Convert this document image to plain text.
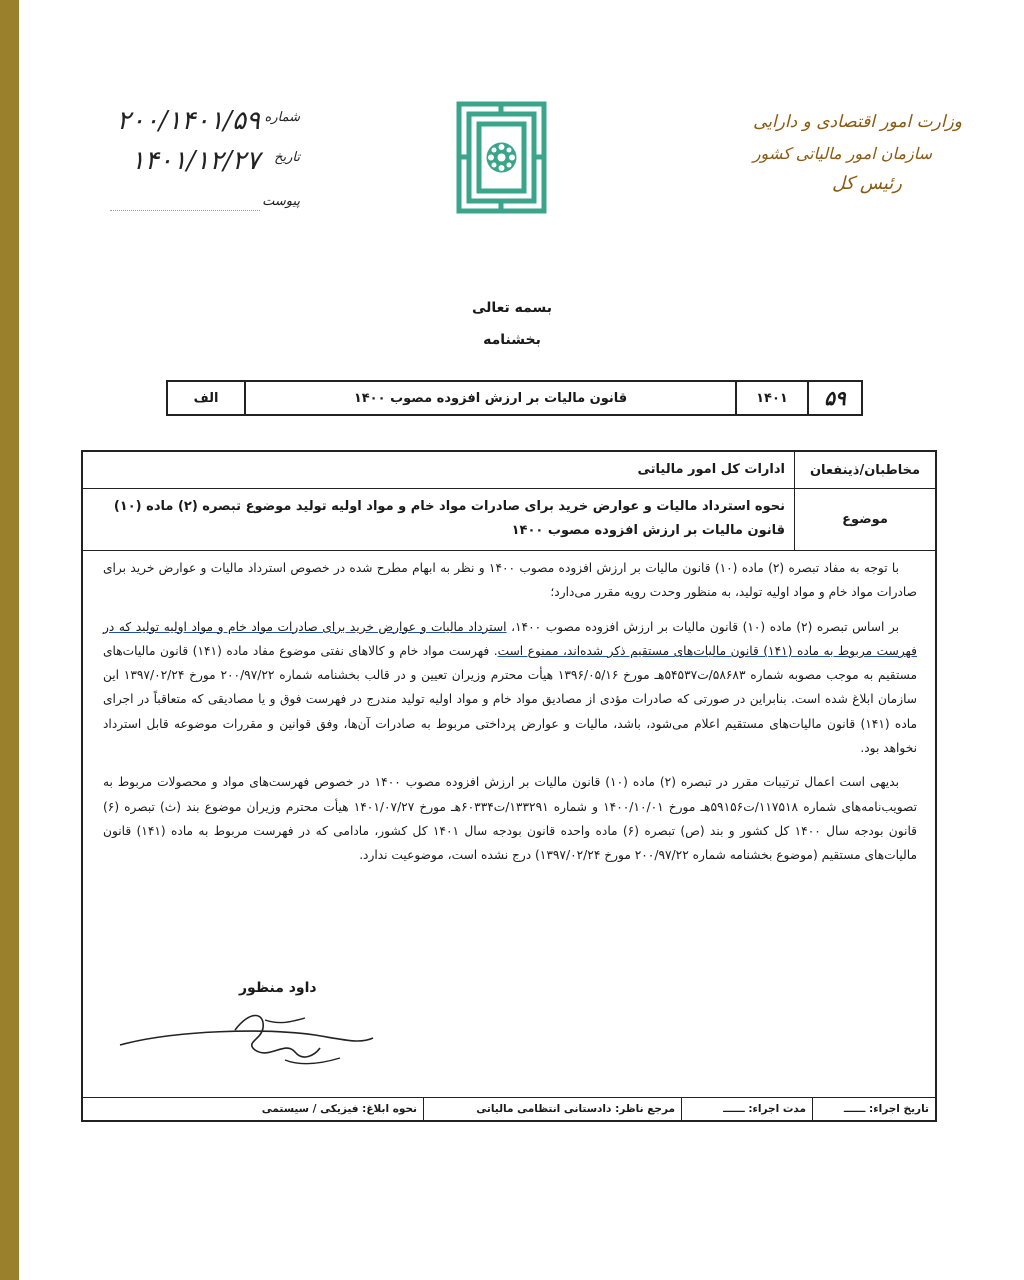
وزارت امور اقتصادی و دارایی
سازمان امور مالیاتی کشور
رئیس کل
شماره
۲۰۰/۱۴۰۱/۵۹
تاریخ
۱۴۰۱/۱۲/۲۷
پیوست
بسمه تعالی
بخشنامه
۵۹
۱۴۰۱
قانون مالیات بر ارزش افزوده مصوب ۱۴۰۰
الف
مخاطبان/ذینفعان
ادارات کل امور مالیاتی
موضوع
نحوه استرداد مالیات و عوارض خرید برای صادرات مواد خام و مواد اولیه تولید موضوع تبصره (۲) ماده (۱۰) قانون مالیات بر ارزش افزوده مصوب ۱۴۰۰

با توجه به مفاد تبصره (۲) ماده (۱۰) قانون مالیات بر ارزش افزوده مصوب ۱۴۰۰ و نظر به ابهام مطرح شده در خصوص استرداد مالیات و عوارض خرید برای صادرات مواد خام و مواد اولیه تولید، به منظور وحدت رویه مقرر می‌دارد؛

بر اساس تبصره (۲) ماده (۱۰) قانون مالیات بر ارزش افزوده مصوب ۱۴۰۰، استرداد مالیات و عوارض خرید برای صادرات مواد خام و مواد اولیه تولید که در فهرست مربوط به ماده (۱۴۱) قانون مالیات‌های مستقیم ذکر شده‌اند، ممنوع است. فهرست مواد خام و کالاهای نفتی موضوع مفاد ماده (۱۴۱) قانون مالیات‌های مستقیم به موجب مصوبه شماره ۵۸۶۸۳/ت۵۴۵۳۷هـ مورخ ۱۳۹۶/۰۵/۱۶ هیأت محترم وزیران تعیین و در قالب بخشنامه شماره ۲۰۰/۹۷/۲۲ مورخ ۱۳۹۷/۰۲/۲۴ این سازمان ابلاغ شده است. بنابراین در صورتی که صادرات مؤدی از مصادیق مواد خام و مواد اولیه تولید مندرج در فهرست فوق و یا مصادیقی که متعاقباً در اجرای ماده (۱۴۱) قانون مالیات‌های مستقیم اعلام می‌شود، باشد، مالیات و عوارض پرداختی مربوط به صادرات آن‌ها، وفق قوانین و مقررات موضوعه قابل استرداد نخواهد بود.

بدیهی است اعمال ترتیبات مقرر در تبصره (۲) ماده (۱۰) قانون مالیات بر ارزش افزوده مصوب ۱۴۰۰ در خصوص فهرست‌های مواد و محصولات مربوط به تصویب‌نامه‌های شماره ۱۱۷۵۱۸/ت۵۹۱۵۶هـ مورخ ۱۴۰۰/۱۰/۰۱ و شماره ۱۳۳۲۹۱/ت۶۰۳۳۴هـ مورخ ۱۴۰۱/۰۷/۲۷ هیأت محترم وزیران موضوع بند (ث) تبصره (۶) قانون بودجه سال ۱۴۰۰ کل کشور و بند (ص) تبصره (۶) ماده واحده قانون بودجه سال ۱۴۰۱ کل کشور، مادامی که در فهرست مربوط به ماده (۱۴۱) قانون مالیات‌های مستقیم (موضوع بخشنامه شماره ۲۰۰/۹۷/۲۲ مورخ ۱۳۹۷/۰۲/۲۴) درج نشده است، موضوعیت ندارد.

داود منظور
تاریخ اجراء: ــــــ
مدت اجراء: ــــــ
مرجع ناظر: دادستانی انتظامی مالیاتی
نحوه ابلاغ: فیزیکی / سیستمی
